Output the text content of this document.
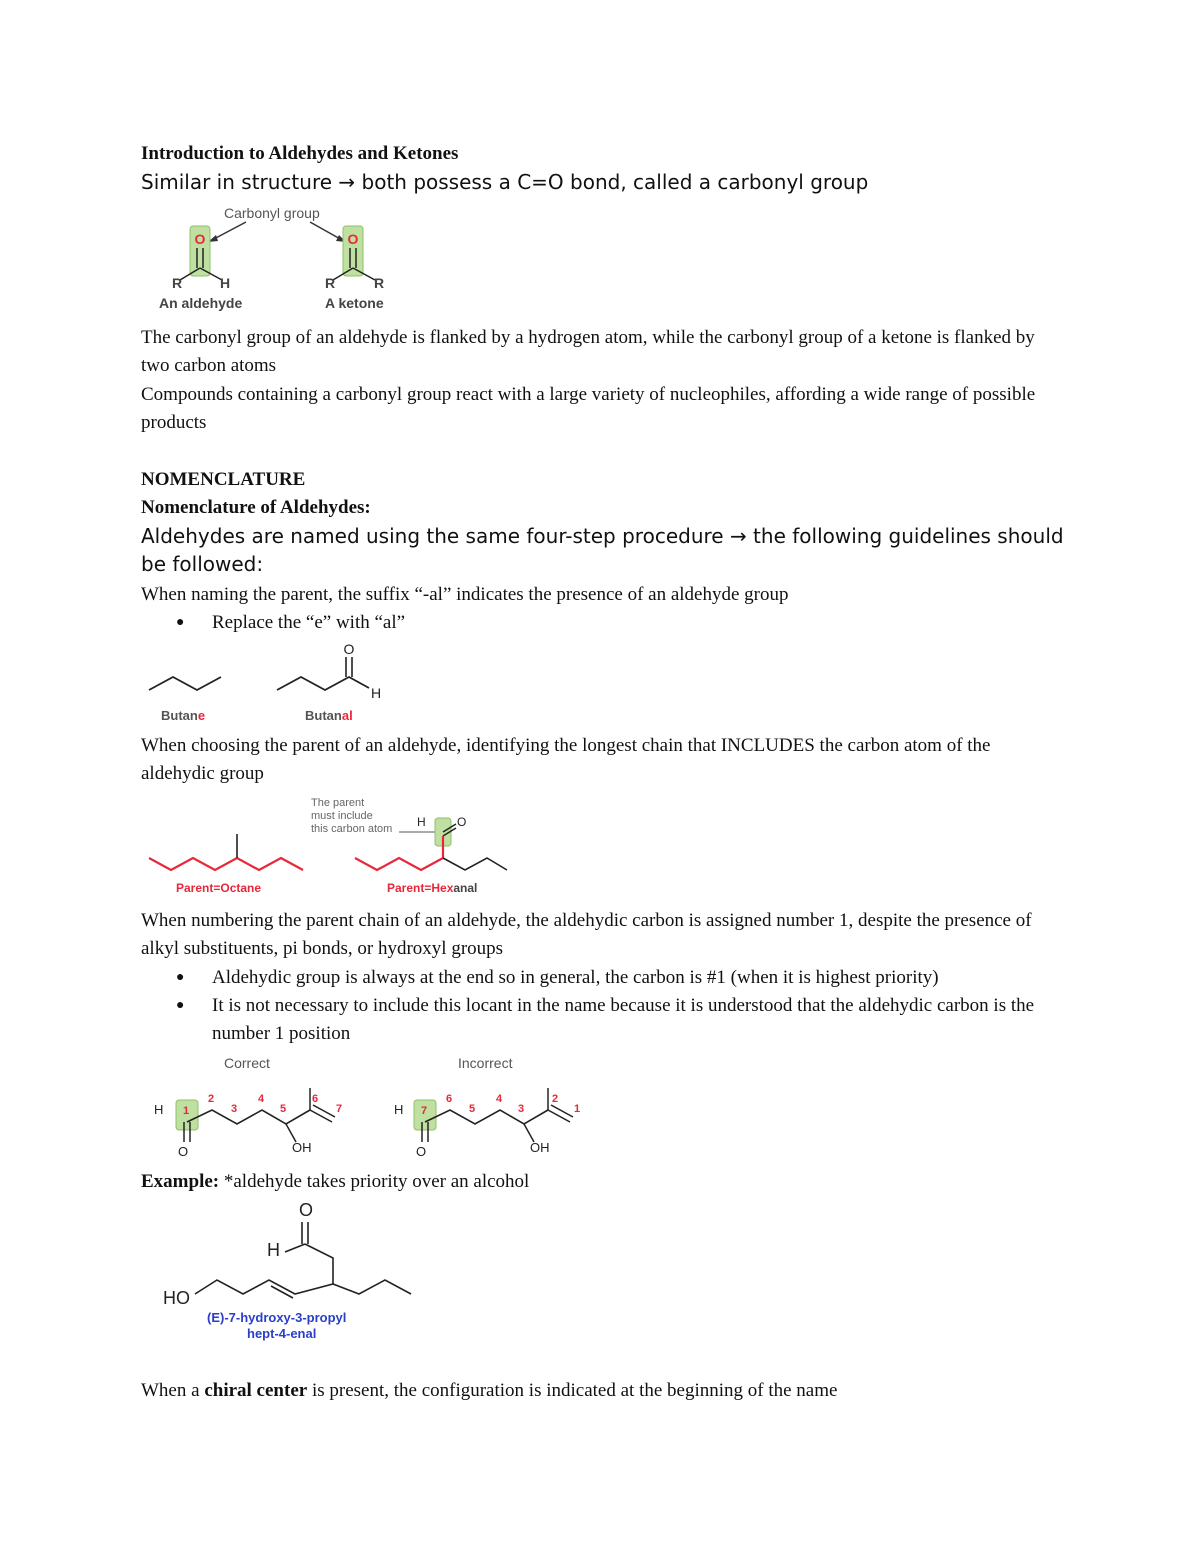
Introduction to Aldehydes and Ketones
Similar in structure → both possess a C=O bond, called a carbonyl group
Carbonyl group
O
R	H
An aldehyde
O
R	R
A ketone
The carbonyl group of an aldehyde is flanked by a hydrogen atom, while the carbonyl group of a ketone is flanked by two carbon atoms
Compounds containing a carbonyl group react with a large variety of nucleophiles, affording a wide range of possible products
NOMENCLATURE
Nomenclature of Aldehydes:
Aldehydes are named using the same four-step procedure → the following guidelines should be followed:
When naming the parent, the suffix “-al” indicates the presence of an aldehyde group
● Replace the “e” with “al”
Butane
O
H
Butanal
When choosing the parent of an aldehyde, identifying the longest chain that INCLUDES the carbon atom of the aldehydic group
Parent=Octane
The parent
must include
this carbon atom H	O
Parent=Hexanal
When numbering the parent chain of an aldehyde, the aldehydic carbon is assigned number 1, despite the presence of alkyl substituents, pi bonds, or hydroxyl groups
● Aldehydic group is always at the end so in general, the carbon is #1 (when it is highest priority)
● It is not necessary to include this locant in the name because it is understood that the aldehydic carbon is the number 1 position
Correct	Incorrect
H
O	OH
1
2
3
4
5
6
7	H
O	OH
7
6
5
4
3
2
1
Example: *aldehyde takes priority over an alcohol
O
H
HO
(E)-7-hydroxy-3-propyl
hept-4-enal
When a chiral center is present, the configuration is indicated at the beginning of the name
